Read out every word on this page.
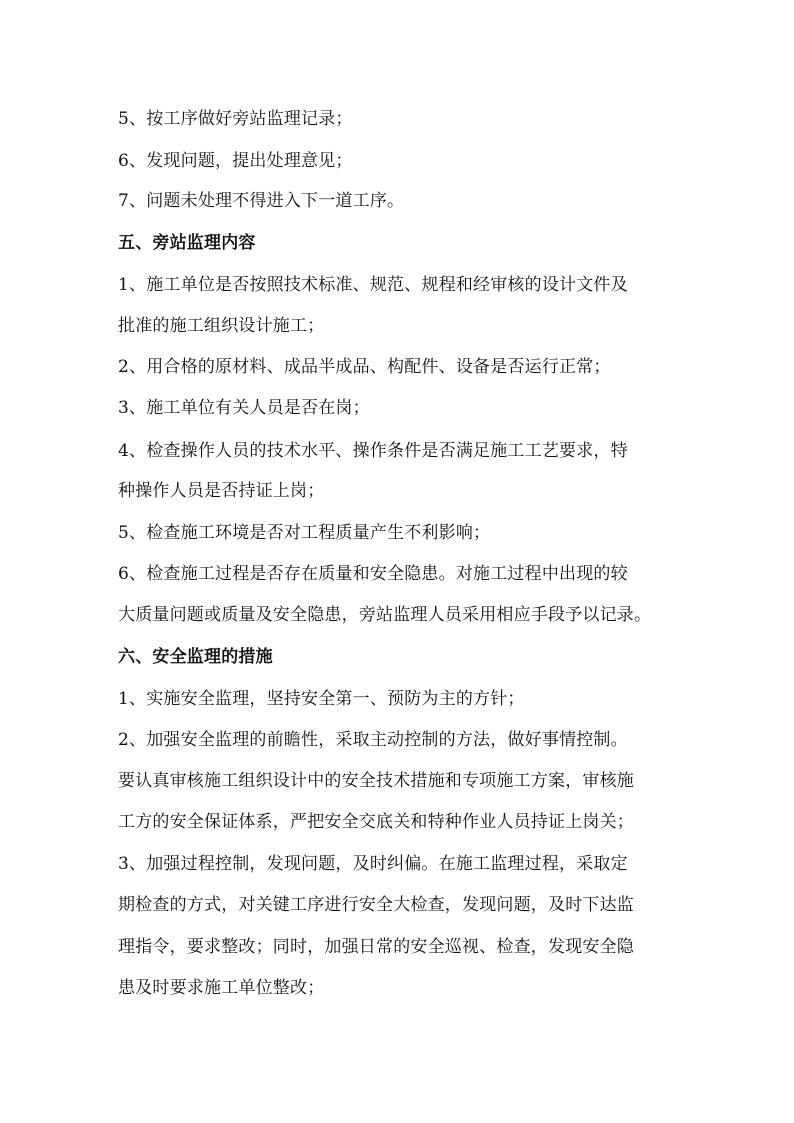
5、按工序做好旁站监理记录；
6、发现问题，提出处理意见；
7、问题未处理不得进入下一道工序。
五、旁站监理内容
1、施工单位是否按照技术标准、规范、规程和经审核的设计文件及
批准的施工组织设计施工；
2、用合格的原材料、成品半成品、构配件、设备是否运行正常；
3、施工单位有关人员是否在岗；
4、检查操作人员的技术水平、操作条件是否满足施工工艺要求，特
种操作人员是否持证上岗；
5、检查施工环境是否对工程质量产生不利影响；
6、检查施工过程是否存在质量和安全隐患。对施工过程中出现的较
大质量问题或质量及安全隐患，旁站监理人员采用相应手段予以记录。
六、安全监理的措施
1、实施安全监理，坚持安全第一、预防为主的方针；
2、加强安全监理的前瞻性，采取主动控制的方法，做好事情控制。
要认真审核施工组织设计中的安全技术措施和专项施工方案，审核施
工方的安全保证体系，严把安全交底关和特种作业人员持证上岗关；
3、加强过程控制，发现问题，及时纠偏。在施工监理过程，采取定
期检查的方式，对关键工序进行安全大检查，发现问题，及时下达监
理指令，要求整改；同时，加强日常的安全巡视、检查，发现安全隐
患及时要求施工单位整改；
